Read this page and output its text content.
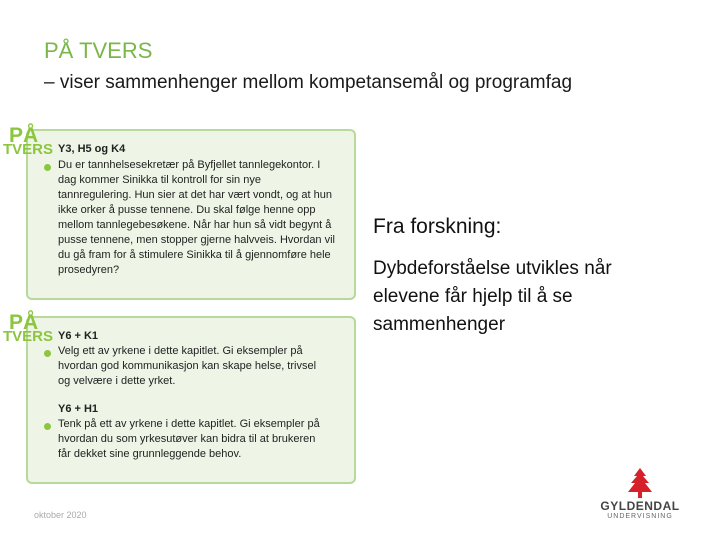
PÅ TVERS
– viser sammenhenger mellom kompetansemål og programfag
PÅ
TVERS Y3, H5 og K4
Du er tannhelsesekretær på Byfjellet tannlegekontor. I dag kommer Sinikka til kontroll for sin nye tannregulering. Hun sier at det har vært vondt, og at hun ikke orker å pusse tennene. Du skal følge henne opp mellom tannlegebesøkene. Når har hun så vidt begynt å pusse tennene, men stopper gjerne halvveis. Hvordan vil du gå fram for å stimulere Sinikka til å gjennomføre hele prosedyren?
PÅ
TVERS Y6 + K1
Velg ett av yrkene i dette kapitlet. Gi eksempler på hvordan god kommunikasjon kan skape helse, trivsel og velvære i dette yrket.
Y6 + H1
Tenk på ett av yrkene i dette kapitlet. Gi eksempler på hvordan du som yrkesutøver kan bidra til at brukeren får dekket sine grunnleggende behov.
Fra forskning:
Dybdeforståelse utvikles når elevene får hjelp til å se sammenhenger
oktober 2020
GYLDENDAL
UNDERVISNING
